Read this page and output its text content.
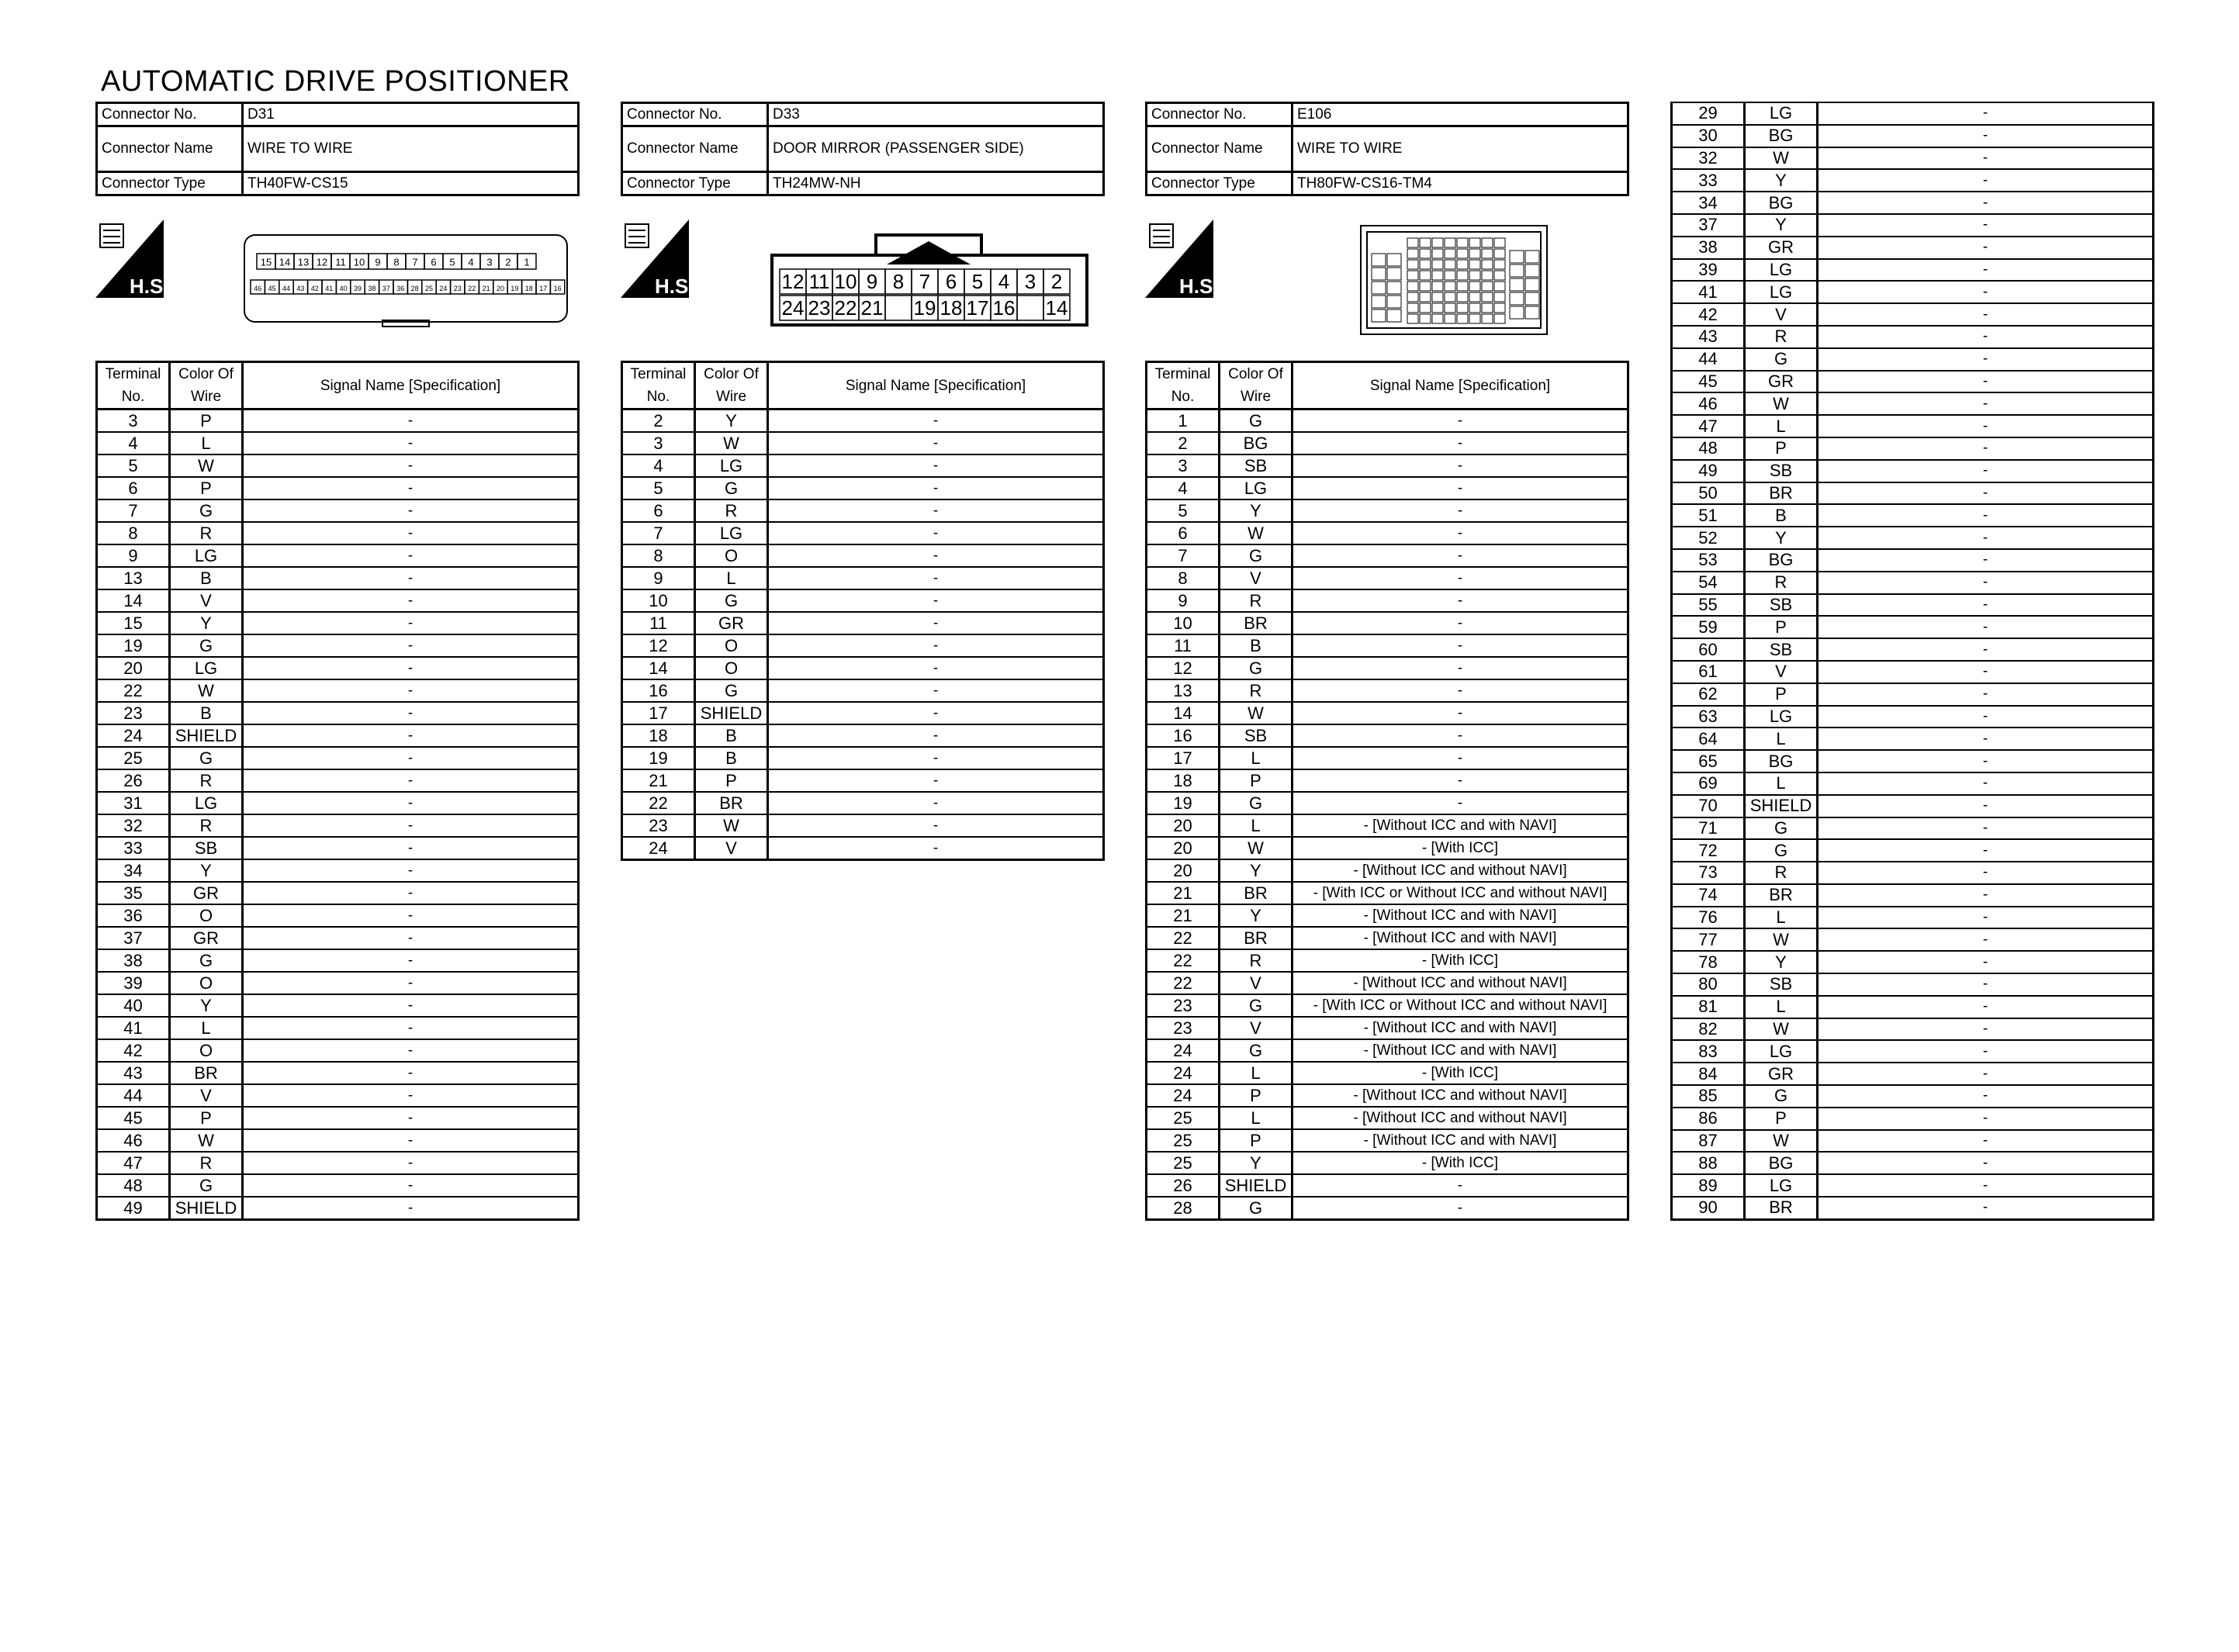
AUTOMATIC DRIVE POSITIONER
Connector No.	D31
Connector Name	WIRE TO WIRE
Connector Type	TH40FW-CS15
H.S.
15 14 13 12 11 10 9 8 7 6 5 4 3 2 1
46 45 44 43 42 41 40 39 38 37 36 28 25 24 23 22 21 20 19 18 17 16
Terminal No.	Color Of Wire	Signal Name [Specification]
3	P	-
4	L	-
5	W	-
6	P	-
7	G	-
8	R	-
9	LG	-
13	B	-
14	V	-
15	Y	-
19	G	-
20	LG	-
22	W	-
23	B	-
24	SHIELD	-
25	G	-
26	R	-
31	LG	-
32	R	-
33	SB	-
34	Y	-
35	GR	-
36	O	-
37	GR	-
38	G	-
39	O	-
40	Y	-
41	L	-
42	O	-
43	BR	-
44	V	-
45	P	-
46	W	-
47	R	-
48	G	-
49	SHIELD	-
Connector No.	D33
Connector Name	DOOR MIRROR (PASSENGER SIDE)
Connector Type	TH24MW-NH
H.S.	12 11 10 9 8 7 6 5 4 3 2
24 23 22 21 19 18 17 16 14
Terminal No.	Color Of Wire	Signal Name [Specification]
2	Y	-
3	W	-
4	LG	-
5	G	-
6	R	-
7	LG	-
8	O	-
9	L	-
10	G	-
11	GR	-
12	O	-
14	O	-
16	G	-
17	SHIELD	-
18	B	-
19	B	-
21	P	-
22	BR	-
23	W	-
24	V	-
Connector No.	E106
Connector Name	WIRE TO WIRE
Connector Type	TH80FW-CS16-TM4
H.S.
Terminal No.	Color Of Wire	Signal Name [Specification]
1	G	-
2	BG	-
3	SB	-
4	LG	-
5	Y	-
6	W	-
7	G	-
8	V	-
9	R	-
10	BR	-
11	B	-
12	G	-
13	R	-
14	W	-
16	SB	-
17	L	-
18	P	-
19	G	-
20	L	- [Without ICC and with NAVI]
20	W	- [With ICC]
20	Y	- [Without ICC and without NAVI]
21	BR	- [With ICC or Without ICC and without NAVI]
21	Y	- [Without ICC and with NAVI]
22	BR	- [Without ICC and with NAVI]
22	R	- [With ICC]
22	V	- [Without ICC and without NAVI]
23	G	- [With ICC or Without ICC and without NAVI]
23	V	- [Without ICC and with NAVI]
24	G	- [Without ICC and with NAVI]
24	L	- [With ICC]
24	P	- [Without ICC and without NAVI]
25	L	- [Without ICC and without NAVI]
25	P	- [Without ICC and with NAVI]
25	Y	- [With ICC]
26	SHIELD	-
28	G	-
29	LG	-
30	BG	-
32	W	-
33	Y	-
34	BG	-
37	Y	-
38	GR	-
39	LG	-
41	LG	-
42	V	-
43	R	-
44	G	-
45	GR	-
46	W	-
47	L	-
48	P	-
49	SB	-
50	BR	-
51	B	-
52	Y	-
53	BG	-
54	R	-
55	SB	-
59	P	-
60	SB	-
61	V	-
62	P	-
63	LG	-
64	L	-
65	BG	-
69	L	-
70	SHIELD	-
71	G	-
72	G	-
73	R	-
74	BR	-
76	L	-
77	W	-
78	Y	-
80	SB	-
81	L	-
82	W	-
83	LG	-
84	GR	-
85	G	-
86	P	-
87	W	-
88	BG	-
89	LG	-
90	BR	-
